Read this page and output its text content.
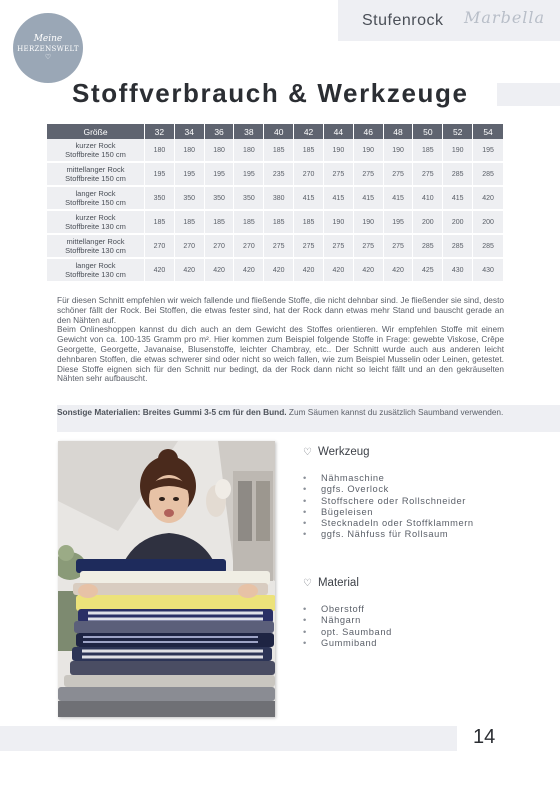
Meine
HERZENSWELT
♡
Stufenrock Marbella
Stoffverbrauch & Werkzeuge
Größe	32	34	36	38	40	42	44	46	48	50	52	54

kurzer Rock
Stoffbreite 150 cm	180	180	180	180	185	185	190	190	190	185	190	195

mittellanger Rock
Stoffbreite 150 cm	195	195	195	195	235	270	275	275	275	275	285	285

langer Rock
Stoffbreite 150 cm	350	350	350	350	380	415	415	415	415	410	415	420

kurzer Rock
Stoffbreite 130 cm	185	185	185	185	185	185	190	190	195	200	200	200

mittellanger Rock
Stoffbreite 130 cm	270	270	270	270	275	275	275	275	275	285	285	285

langer Rock
Stoffbreite 130 cm	420	420	420	420	420	420	420	420	420	425	430	430

Für diesen Schnitt empfehlen wir weich fallende und fließende Stoffe, die nicht dehnbar sind. Je fließender sie sind, desto schöner fällt der Rock. Bei Stoffen, die etwas fester sind, hat der Rock dann etwas mehr Stand und bauscht gerade an den Nähten auf.

Beim Onlineshoppen kannst du dich auch an dem Gewicht des Stoffes orientieren. Wir empfehlen Stoffe mit einem Gewicht von ca. 100-135 Gramm pro m². Hier kommen zum Beispiel folgende Stoffe in Frage: gewebte Viskose, Crêpe Georgette, Georgette, Javanaise, Blusenstoffe, leichter Chambray, etc.. Der Schnitt wurde auch aus anderen leicht dehnbaren Stoffen, die etwas schwerer sind oder nicht so weich fallen, wie zum Beispiel Musselin oder Leinen, getestet. Diese Stoffe eignen sich für den Schnitt nur bedingt, da der Rock dann nicht so leicht fällt und an den gekräuselten Nähten sehr aufbauscht.

Sonstige Materialien: Breites Gummi 3-5 cm für den Bund. Zum Säumen kannst du zusätzlich Saumband verwenden.
♡ Werkzeug
•	Nähmaschine
•	ggfs. Overlock
•	Stoffschere oder Rollschneider
•	Bügeleisen
•	Stecknadeln oder Stoffklammern
•	ggfs. Nähfuss für Rollsaum
♡ Material
•	Oberstoff
•	Nähgarn
•	opt. Saumband
•	Gummiband
14
